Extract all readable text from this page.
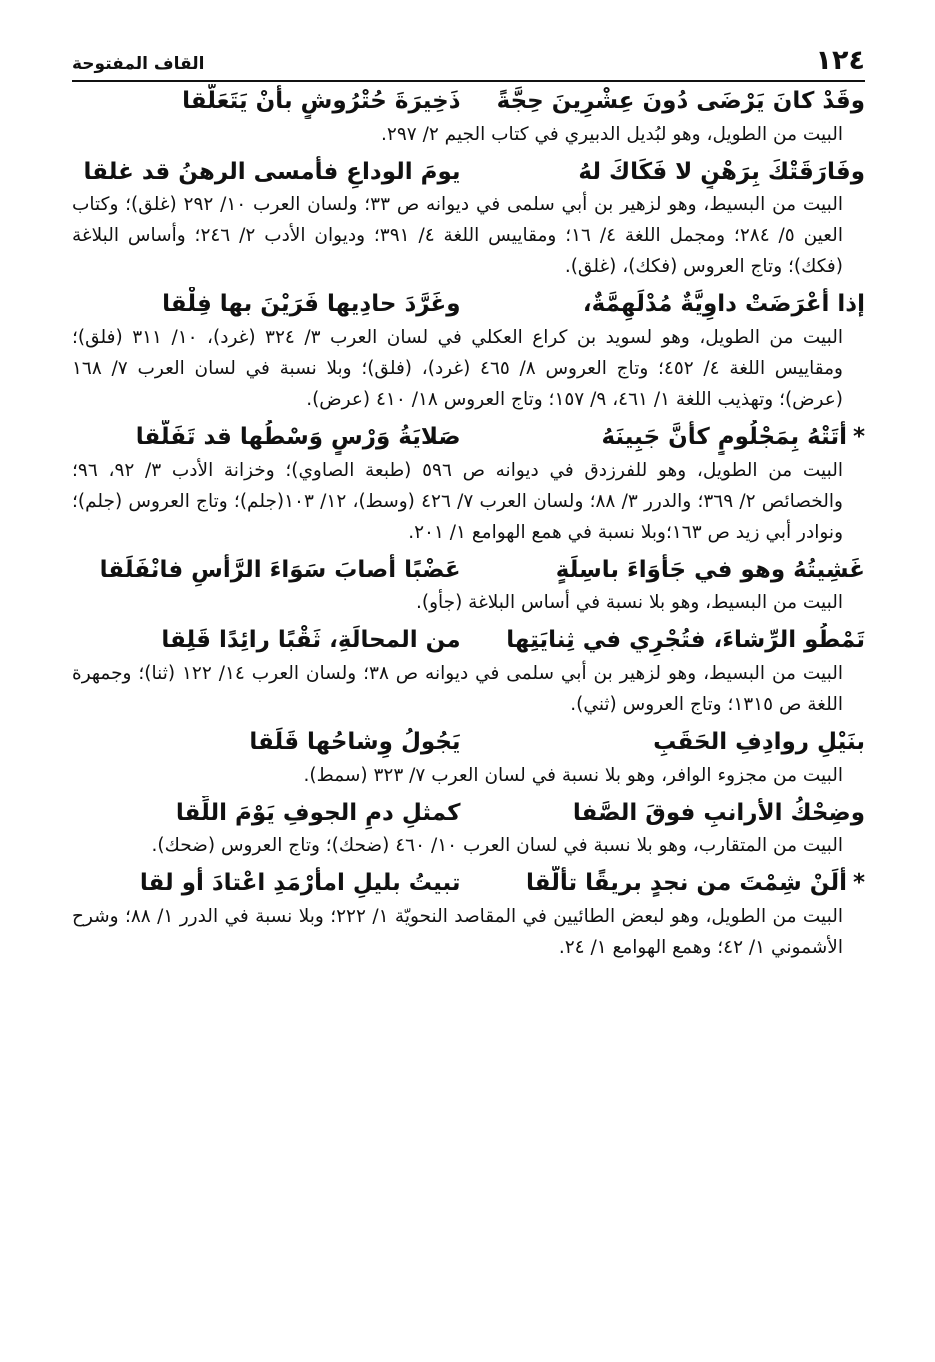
١٢٤
القاف المفتوحة
وقَدْ كانَ يَرْضَى دُونَ عِشْرِينَ حِجَّةً
ذَخِيرَةَ حُتْرُوشٍ بأنْ يَتَعَلَّقا

البيت من الطويل، وهو لبُديل الدبيري في كتاب الجيم ٢/ ٢٩٧.

وفَارَقَتْكَ بِرَهْنٍ لا فَكَاكَ لهُ
يومَ الوداعِ فأمسى الرهنُ قد غلقا

البيت من البسيط، وهو لزهير بن أبي سلمى في ديوانه ص ٣٣؛ ولسان العرب ١٠/ ٢٩٢ (غلق)؛ وكتاب العين ٥/ ٢٨٤؛ ومجمل اللغة ٤/ ١٦؛ ومقاييس اللغة ٤/ ٣٩١؛ وديوان الأدب ٢/ ٢٤٦؛ وأساس البلاغة (فكك)؛ وتاج العروس (فكك)، (غلق).

إذا أعْرَضَتْ داوِيَّةٌ مُدْلَهِمَّةٌ،
وغَرَّدَ حادِيها فَرَيْنَ بها فِلْقا

البيت من الطويل، وهو لسويد بن كراع العكلي في لسان العرب ٣/ ٣٢٤ (غرد)، ١٠/ ٣١١ (فلق)؛ ومقاييس اللغة ٤/ ٤٥٢؛ وتاج العروس ٨/ ٤٦٥ (غرد)، (فلق)؛ وبلا نسبة في لسان العرب ٧/ ١٦٨ (عرض)؛ وتهذيب اللغة ١/ ٤٦١، ٩/ ١٥٧؛ وتاج العروس ١٨/ ٤١٠ (عرض).

*أتَتْهُ بِمَجْلُومٍ كأنَّ جَبِينَهُ
صَلايَةُ وَرْسٍ وَسْطُها قد تَفَلَّقا

البيت من الطويل، وهو للفرزدق في ديوانه ص ٥٩٦ (طبعة الصاوي)؛ وخزانة الأدب ٣/ ٩٢، ٩٦؛ والخصائص ٢/ ٣٦٩؛ والدرر ٣/ ٨٨؛ ولسان العرب ٧/ ٤٢٦ (وسط)، ١٢/ ١٠٣(جلم)؛ وتاج العروس (جلم)؛ ونوادر أبي زيد ص ١٦٣؛وبلا نسبة في همع الهوامع ١/ ٢٠١.

غَشِيتُهُ وهو في جَأْوَاءَ باسِلَةٍ
عَضْبًا أصابَ سَوَاءَ الرَّأْسِ فانْفَلَقا

البيت من البسيط، وهو بلا نسبة في أساس البلاغة (جأو).

تَمْطُو الرِّشاءَ، فتُجْرِي في ثِنايَتِها
من المحالَةِ، ثَقْبًا رائِدًا قَلِقا

البيت من البسيط، وهو لزهير بن أبي سلمى في ديوانه ص ٣٨؛ ولسان العرب ١٤/ ١٢٢ (ثنا)؛ وجمهرة اللغة ص ١٣١٥؛ وتاج العروس (ثني).

بنَيْلِ روادِفِ الحَقَبِ
يَجُولُ وِشاحُها قَلَقا

البيت من مجزوء الوافر، وهو بلا نسبة في لسان العرب ٧/ ٣٢٣ (سمط).

وضِحْكُ الأرانبِ فوقَ الصَّفا
كمثلِ دمِ الجوفِ يَوْمَ اللِّقا

البيت من المتقارب، وهو بلا نسبة في لسان العرب ١٠/ ٤٦٠ (ضحك)؛ وتاج العروس (ضحك).

*ألَنْ شِمْتَ من نجدٍ بريقًا تألَّقا
تبيتُ بليلِ امأرْمَدِ اعْتادَ أو لقا

البيت من الطويل، وهو لبعض الطائيين في المقاصد النحويّة ١/ ٢٢٢؛ وبلا نسبة في الدرر ١/ ٨٨؛ وشرح الأشموني ١/ ٤٢؛ وهمع الهوامع ١/ ٢٤.
